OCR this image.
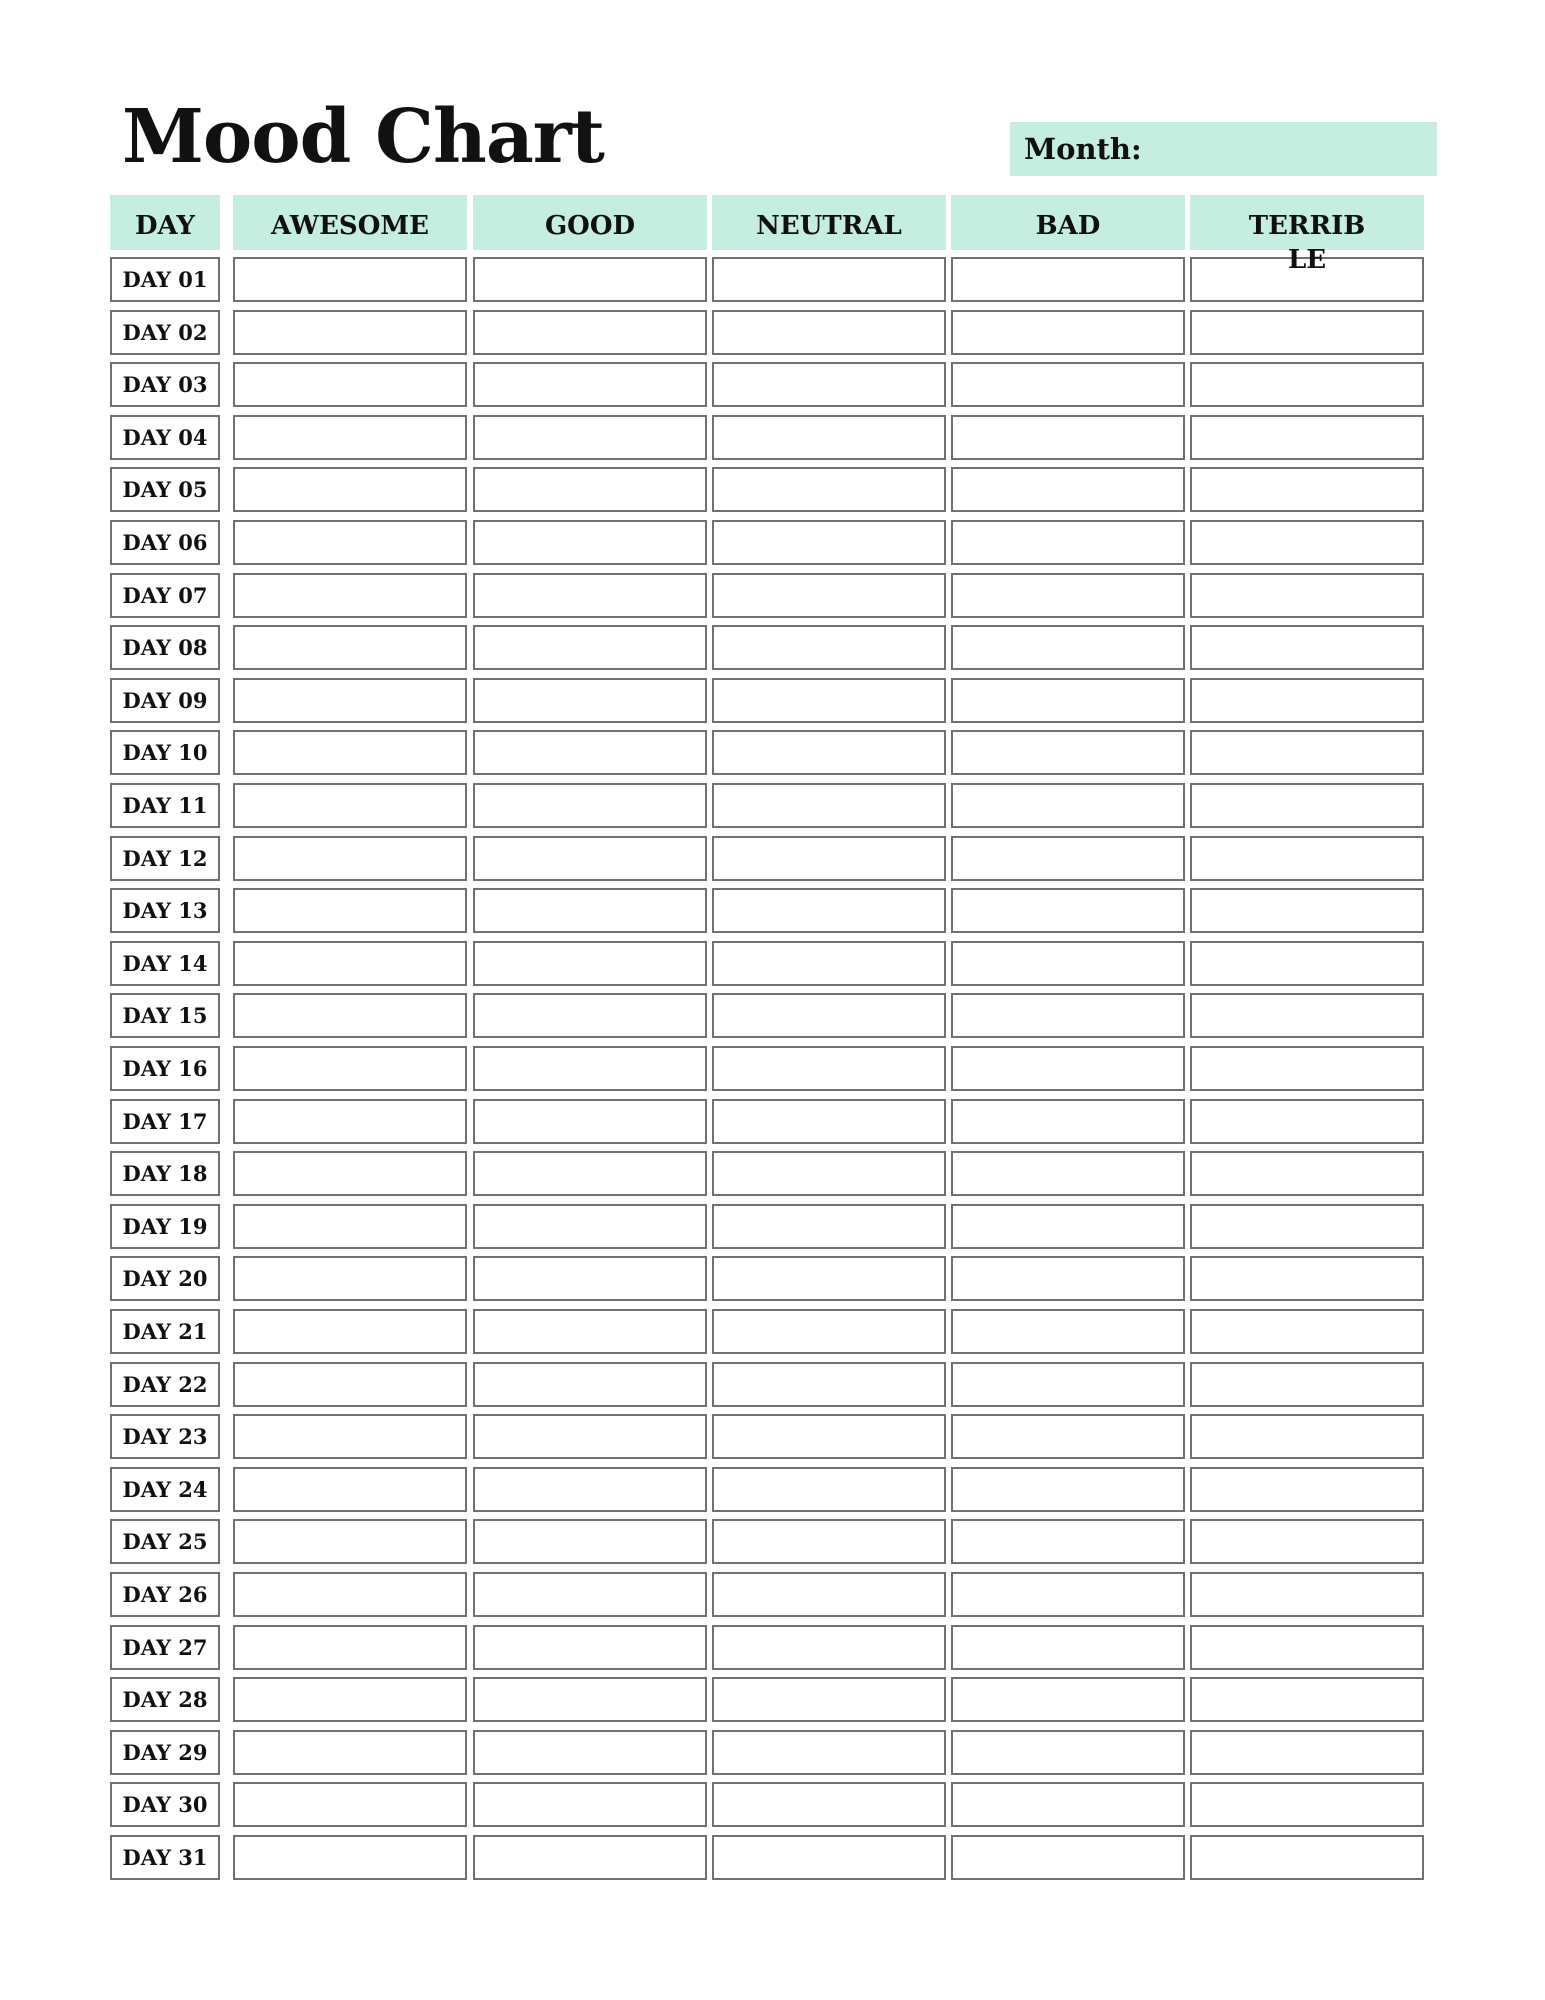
Mood Chart	Month:
DAY	AWESOME	GOOD	NEUTRAL	BAD	TERRIBLE
DAY 01
DAY 02
DAY 03
DAY 04
DAY 05
DAY 06
DAY 07
DAY 08
DAY 09
DAY 10
DAY 11
DAY 12
DAY 13
DAY 14
DAY 15
DAY 16
DAY 17
DAY 18
DAY 19
DAY 20
DAY 21
DAY 22
DAY 23
DAY 24
DAY 25
DAY 26
DAY 27
DAY 28
DAY 29
DAY 30
DAY 31
